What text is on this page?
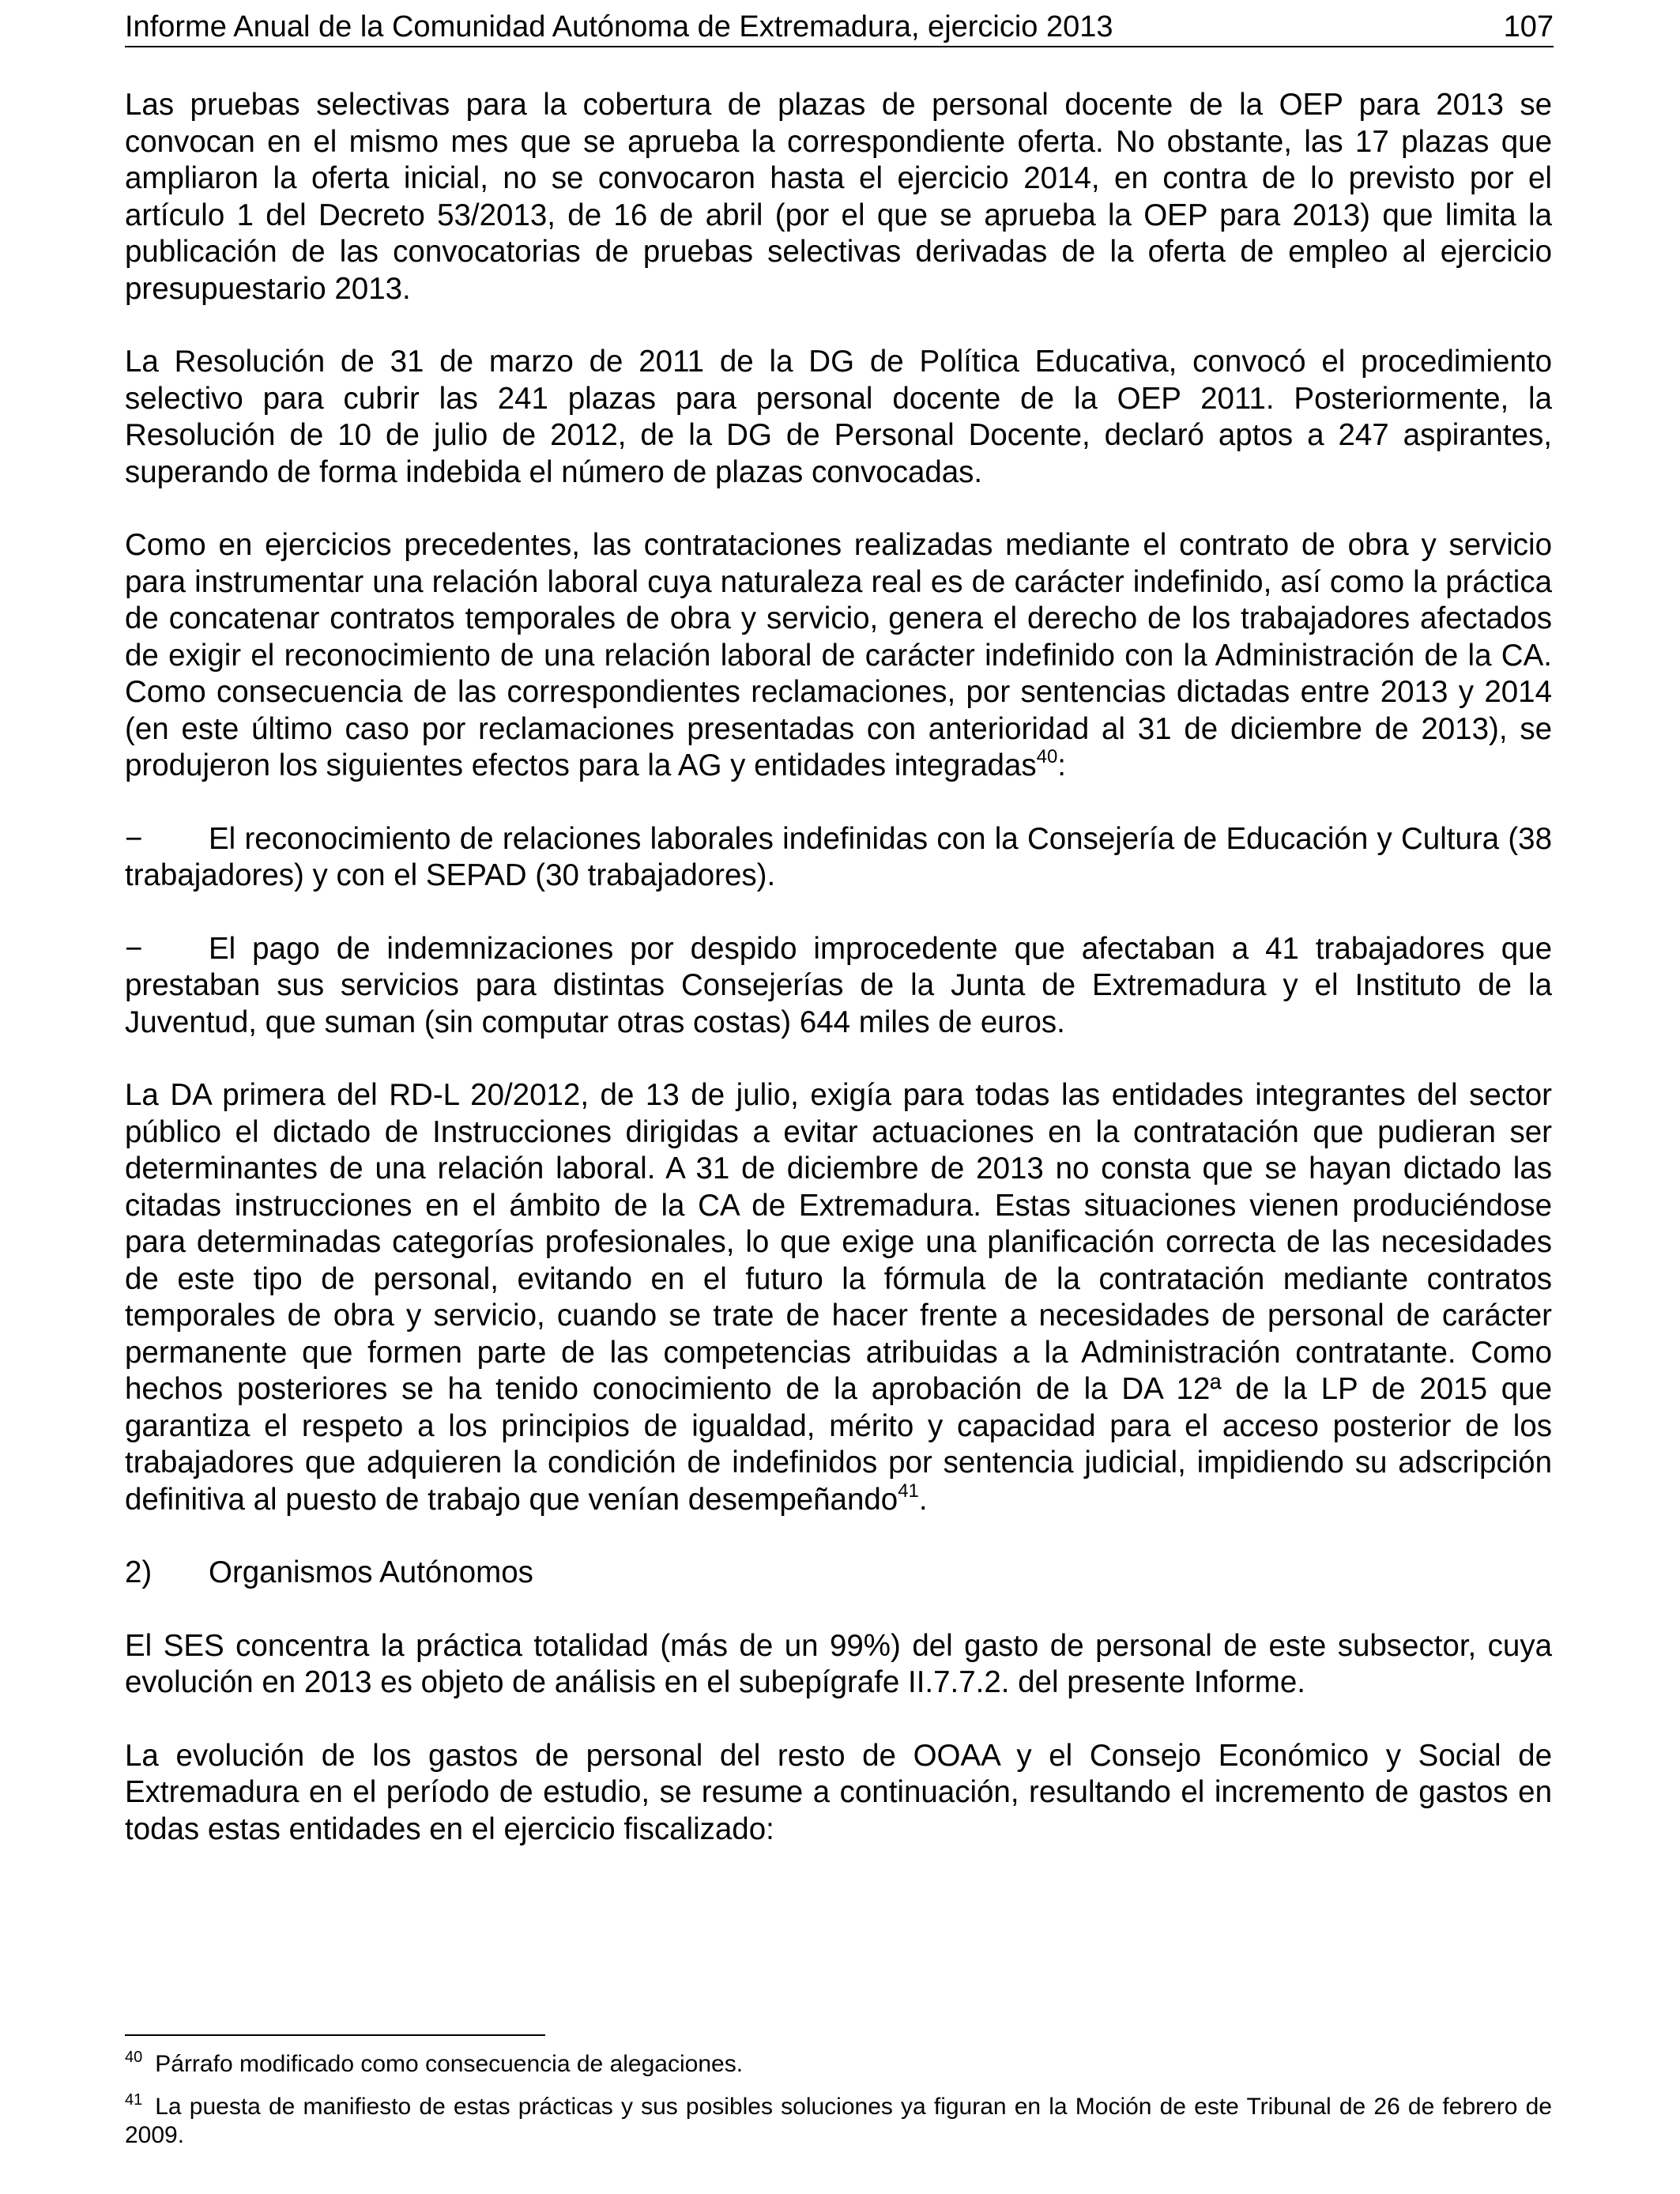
Informe Anual de la Comunidad Autónoma de Extremadura, ejercicio 2013	107

Las pruebas selectivas para la cobertura de plazas de personal docente de la OEP para 2013 se convocan en el mismo mes que se aprueba la correspondiente oferta. No obstante, las 17 plazas que ampliaron la oferta inicial, no se convocaron hasta el ejercicio 2014, en contra de lo previsto por el artículo 1 del Decreto 53/2013, de 16 de abril (por el que se aprueba la OEP para 2013) que limita la publicación de las convocatorias de pruebas selectivas derivadas de la oferta de empleo al ejercicio presupuestario 2013.

La Resolución de 31 de marzo de 2011 de la DG de Política Educativa, convocó el procedimiento selectivo para cubrir las 241 plazas para personal docente de la OEP 2011. Posteriormente, la Resolución de 10 de julio de 2012, de la DG de Personal Docente, declaró aptos a 247 aspirantes, superando de forma indebida el número de plazas convocadas.

Como en ejercicios precedentes, las contrataciones realizadas mediante el contrato de obra y servicio para instrumentar una relación laboral cuya naturaleza real es de carácter indefinido, así como la práctica de concatenar contratos temporales de obra y servicio, genera el derecho de los trabajadores afectados de exigir el reconocimiento de una relación laboral de carácter indefinido con la Administración de la CA. Como consecuencia de las correspondientes reclamaciones, por sentencias dictadas entre 2013 y 2014 (en este último caso por reclamaciones presentadas con anterioridad al 31 de diciembre de 2013), se produjeron los siguientes efectos para la AG y entidades integradas$^{40}$:

− El reconocimiento de relaciones laborales indefinidas con la Consejería de Educación y Cultura (38 trabajadores) y con el SEPAD (30 trabajadores).

− El pago de indemnizaciones por despido improcedente que afectaban a 41 trabajadores que prestaban sus servicios para distintas Consejerías de la Junta de Extremadura y el Instituto de la Juventud, que suman (sin computar otras costas) 644 miles de euros.

La DA primera del RD-L 20/2012, de 13 de julio, exigía para todas las entidades integrantes del sector público el dictado de Instrucciones dirigidas a evitar actuaciones en la contratación que pudieran ser determinantes de una relación laboral. A 31 de diciembre de 2013 no consta que se hayan dictado las citadas instrucciones en el ámbito de la CA de Extremadura. Estas situaciones vienen produciéndose para determinadas categorías profesionales, lo que exige una planificación correcta de las necesidades de este tipo de personal, evitando en el futuro la fórmula de la contratación mediante contratos temporales de obra y servicio, cuando se trate de hacer frente a necesidades de personal de carácter permanente que formen parte de las competencias atribuidas a la Administración contratante. Como hechos posteriores se ha tenido conocimiento de la aprobación de la DA 12ª de la LP de 2015 que garantiza el respeto a los principios de igualdad, mérito y capacidad para el acceso posterior de los trabajadores que adquieren la condición de indefinidos por sentencia judicial, impidiendo su adscripción definitiva al puesto de trabajo que venían desempeñando$^{41}$.

2) Organismos Autónomos

El SES concentra la práctica totalidad (más de un 99%) del gasto de personal de este subsector, cuya evolución en 2013 es objeto de análisis en el subepígrafe II.7.7.2. del presente Informe.

La evolución de los gastos de personal del resto de OOAA y el Consejo Económico y Social de Extremadura en el período de estudio, se resume a continuación, resultando el incremento de gastos en todas estas entidades en el ejercicio fiscalizado:

$^{40}$ Párrafo modificado como consecuencia de alegaciones.

$^{41}$ La puesta de manifiesto de estas prácticas y sus posibles soluciones ya figuran en la Moción de este Tribunal de 26 de febrero de 2009.
